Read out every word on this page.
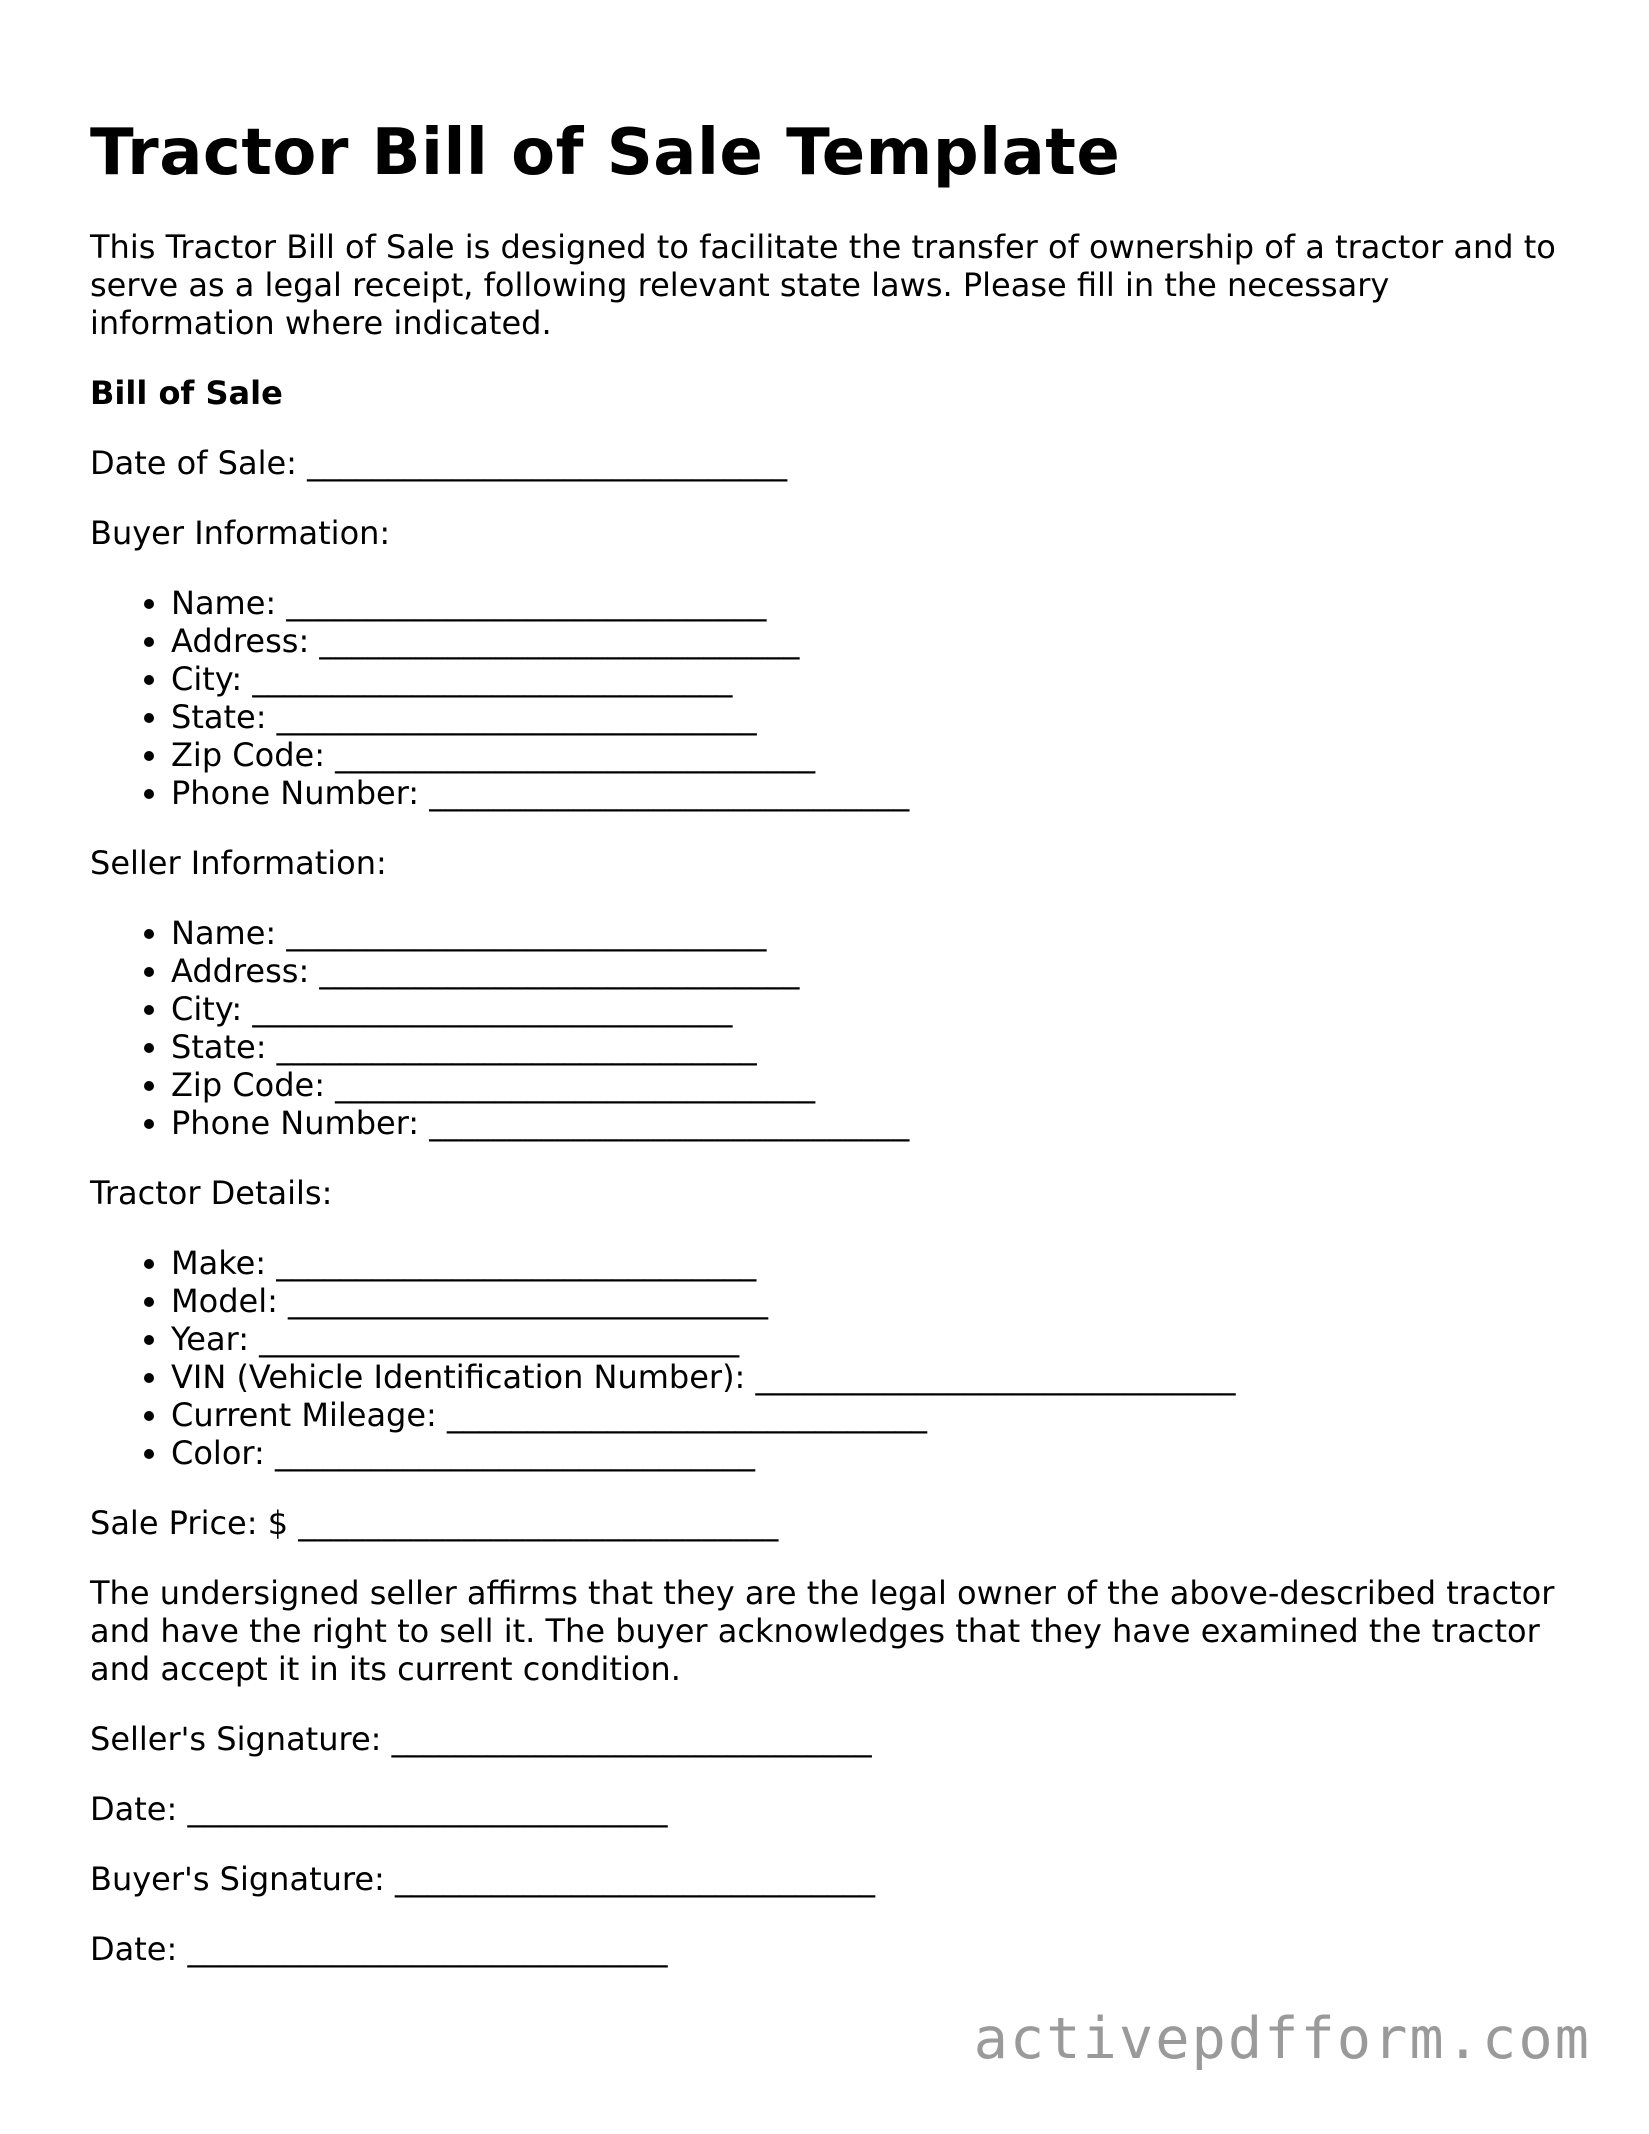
Tractor Bill of Sale Template

This Tractor Bill of Sale is designed to facilitate the transfer of ownership of a tractor and to serve as a legal receipt, following relevant state laws. Please fill in the necessary information where indicated.

Bill of Sale

Date of Sale: ______________________________

Buyer Information:

• Name: ______________________________
• Address: ______________________________
• City: ______________________________
• State: ______________________________
• Zip Code: ______________________________
• Phone Number: ______________________________

Seller Information:

• Name: ______________________________
• Address: ______________________________
• City: ______________________________
• State: ______________________________
• Zip Code: ______________________________
• Phone Number: ______________________________

Tractor Details:

• Make: ______________________________
• Model: ______________________________
• Year: ______________________________
• VIN (Vehicle Identification Number): ______________________________
• Current Mileage: ______________________________
• Color: ______________________________

Sale Price: $ ______________________________

The undersigned seller affirms that they are the legal owner of the above-described tractor and have the right to sell it. The buyer acknowledges that they have examined the tractor and accept it in its current condition.

Seller's Signature: ______________________________

Date: ______________________________

Buyer's Signature: ______________________________

Date: ______________________________

activepdfform.com
